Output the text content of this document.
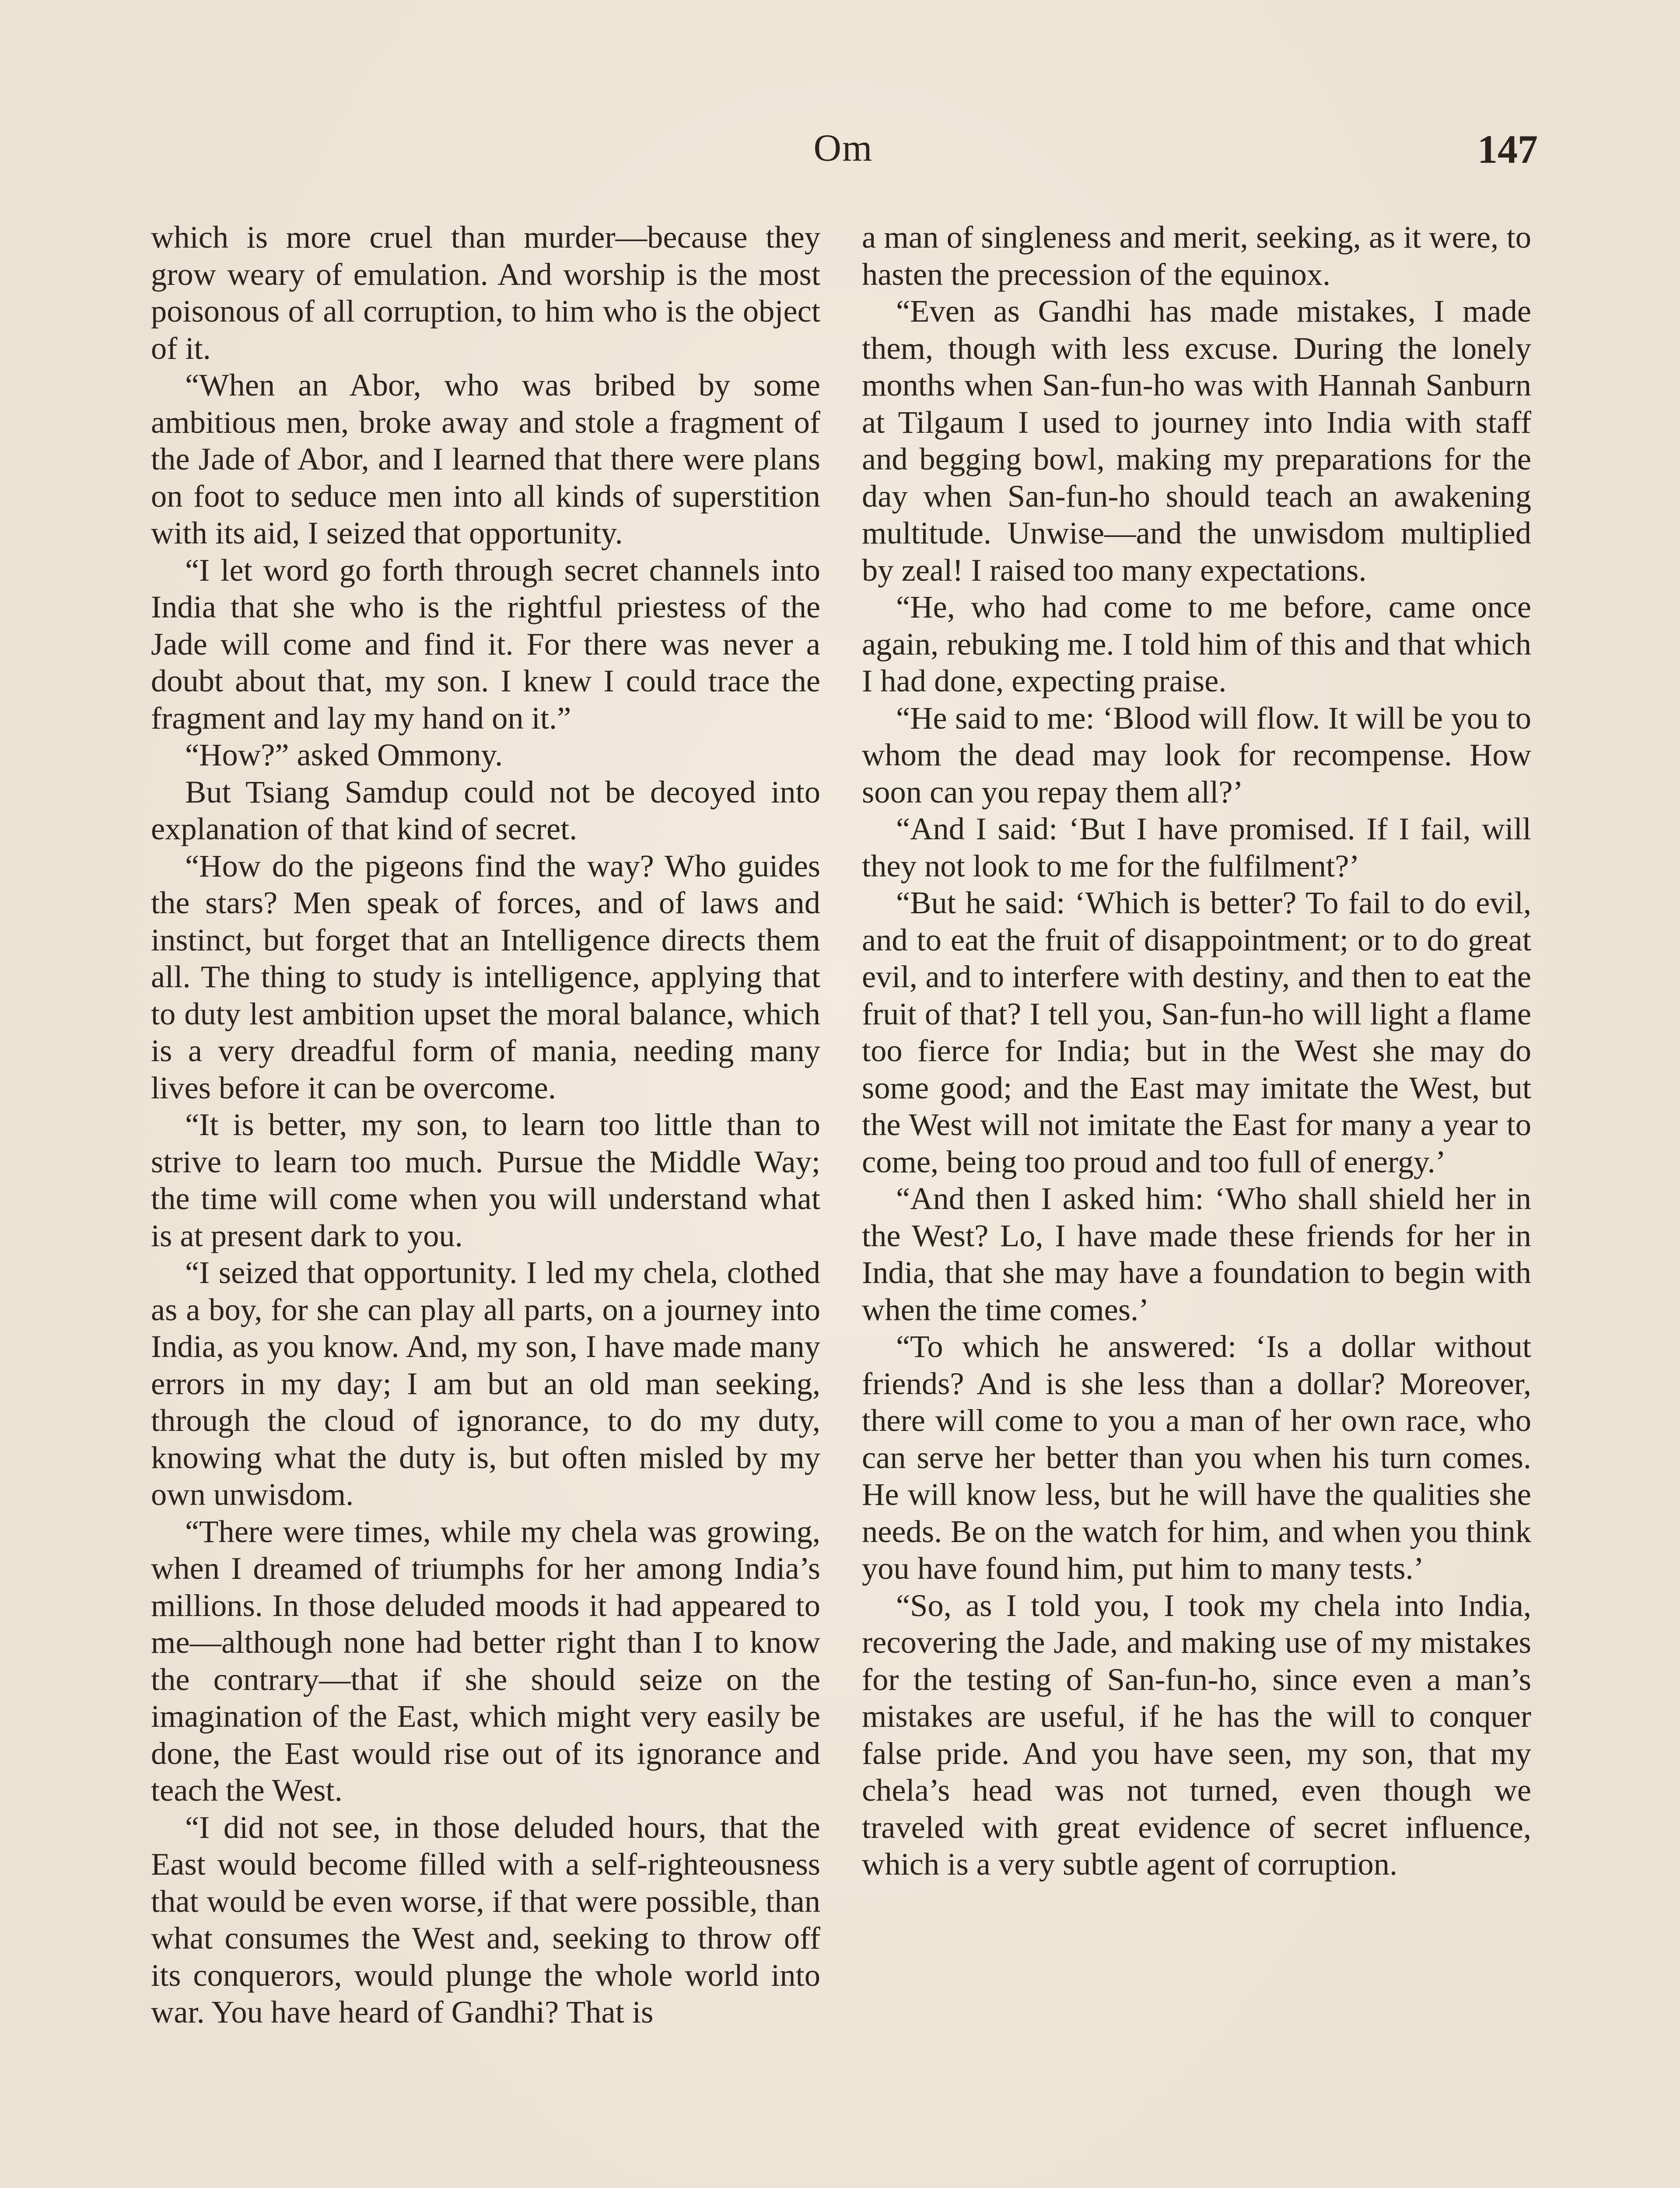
Om	147

which is more cruel than murder—because they grow weary of emulation. And worship is the most poisonous of all corruption, to him who is the object of it.

“When an Abor, who was bribed by some ambitious men, broke away and stole a fragment of the Jade of Abor, and I learned that there were plans on foot to seduce men into all kinds of superstition with its aid, I seized that opportunity.

“I let word go forth through secret channels into India that she who is the rightful priestess of the Jade will come and find it. For there was never a doubt about that, my son. I knew I could trace the fragment and lay my hand on it.”

“How?” asked Ommony.

But Tsiang Samdup could not be decoyed into explanation of that kind of secret.

“How do the pigeons find the way? Who guides the stars? Men speak of forces, and of laws and instinct, but forget that an Intelligence directs them all. The thing to study is intelligence, applying that to duty lest ambition upset the moral balance, which is a very dreadful form of mania, needing many lives before it can be overcome.

“It is better, my son, to learn too little than to strive to learn too much. Pursue the Middle Way; the time will come when you will understand what is at present dark to you.

“I seized that opportunity. I led my chela, clothed as a boy, for she can play all parts, on a journey into India, as you know. And, my son, I have made many errors in my day; I am but an old man seeking, through the cloud of ignorance, to do my duty, knowing what the duty is, but often misled by my own unwisdom.

“There were times, while my chela was growing, when I dreamed of triumphs for her among India’s millions. In those deluded moods it had appeared to me—although none had better right than I to know the contrary—that if she should seize on the imagination of the East, which might very easily be done, the East would rise out of its ignorance and teach the West.

“I did not see, in those deluded hours, that the East would become filled with a self-righteousness that would be even worse, if that were possible, than what consumes the West and, seeking to throw off its conquerors, would plunge the whole world into war. You have heard of Gandhi? That is

a man of singleness and merit, seeking, as it were, to hasten the precession of the equinox.

“Even as Gandhi has made mistakes, I made them, though with less excuse. During the lonely months when San-fun-ho was with Hannah Sanburn at Tilgaum I used to journey into India with staff and begging bowl, making my preparations for the day when San-fun-ho should teach an awakening multitude. Unwise—and the unwisdom multiplied by zeal! I raised too many expectations.

“He, who had come to me before, came once again, rebuking me. I told him of this and that which I had done, expecting praise.

“He said to me: ‘Blood will flow. It will be you to whom the dead may look for recompense. How soon can you repay them all?’

“And I said: ‘But I have promised. If I fail, will they not look to me for the fulfilment?’

“But he said: ‘Which is better? To fail to do evil, and to eat the fruit of disappointment; or to do great evil, and to interfere with destiny, and then to eat the fruit of that? I tell you, San-fun-ho will light a flame too fierce for India; but in the West she may do some good; and the East may imitate the West, but the West will not imitate the East for many a year to come, being too proud and too full of energy.’

“And then I asked him: ‘Who shall shield her in the West? Lo, I have made these friends for her in India, that she may have a foundation to begin with when the time comes.’

“To which he answered: ‘Is a dollar without friends? And is she less than a dollar? Moreover, there will come to you a man of her own race, who can serve her better than you when his turn comes. He will know less, but he will have the qualities she needs. Be on the watch for him, and when you think you have found him, put him to many tests.’

“So, as I told you, I took my chela into India, recovering the Jade, and making use of my mistakes for the testing of San-fun-ho, since even a man’s mistakes are useful, if he has the will to conquer false pride. And you have seen, my son, that my chela’s head was not turned, even though we traveled with great evidence of secret influence, which is a very subtle agent of corruption.
